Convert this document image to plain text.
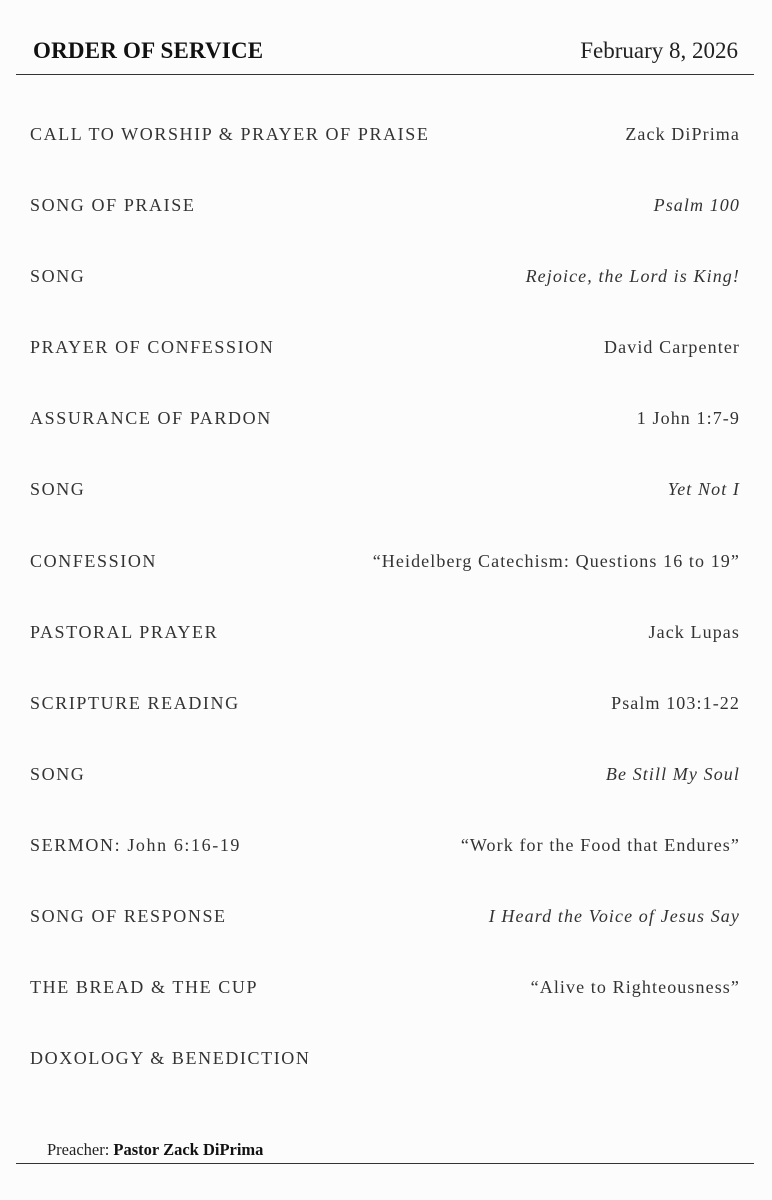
ORDER OF SERVICE	February 8, 2026
CALL TO WORSHIP & PRAYER OF PRAISE	Zack DiPrima
SONG OF PRAISE	Psalm 100
SONG	Rejoice, the Lord is King!
PRAYER OF CONFESSION	David Carpenter
ASSURANCE OF PARDON	1 John 1:7-9
SONG	Yet Not I
CONFESSION	“Heidelberg Catechism: Questions 16 to 19”
PASTORAL PRAYER	Jack Lupas
SCRIPTURE READING	Psalm 103:1-22
SONG	Be Still My Soul
SERMON: John 6:16-19	“Work for the Food that Endures”
SONG OF RESPONSE	I Heard the Voice of Jesus Say
THE BREAD & THE CUP	“Alive to Righteousness”
DOXOLOGY & BENEDICTION
Preacher: Pastor Zack DiPrima
